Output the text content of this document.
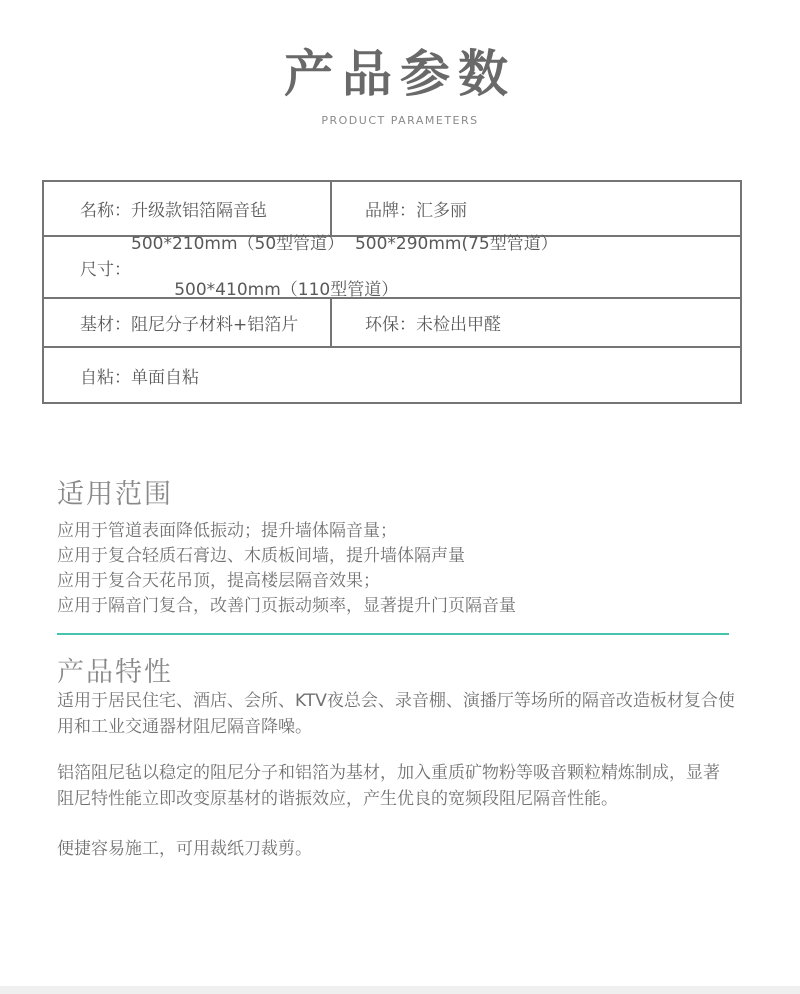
产品参数
PRODUCT PARAMETERS
名称：升级款铝箔隔音毡	品牌：汇多丽
尺寸：
500*210mm（50型管道）  500*290mm(75型管道）

500*410mm（110型管道）
基材：阻尼分子材料+铝箔片	环保：未检出甲醛
自粘：单面自粘
适用范围
应用于管道表面降低振动；提升墙体隔音量；
应用于复合轻质石膏边、木质板间墙，提升墙体隔声量
应用于复合天花吊顶，提高楼层隔音效果；
应用于隔音门复合，改善门页振动频率，显著提升门页隔音量
产品特性
适用于居民住宅、酒店、会所、KTV夜总会、录音棚、演播厅等场所的隔音改造板材复合使用和工业交通器材阻尼隔音降噪。
铝箔阻尼毡以稳定的阻尼分子和铝箔为基材，加入重质矿物粉等吸音颗粒精炼制成，显著阻尼特性能立即改变原基材的谐振效应，产生优良的宽频段阻尼隔音性能。
便捷容易施工，可用裁纸刀裁剪。
